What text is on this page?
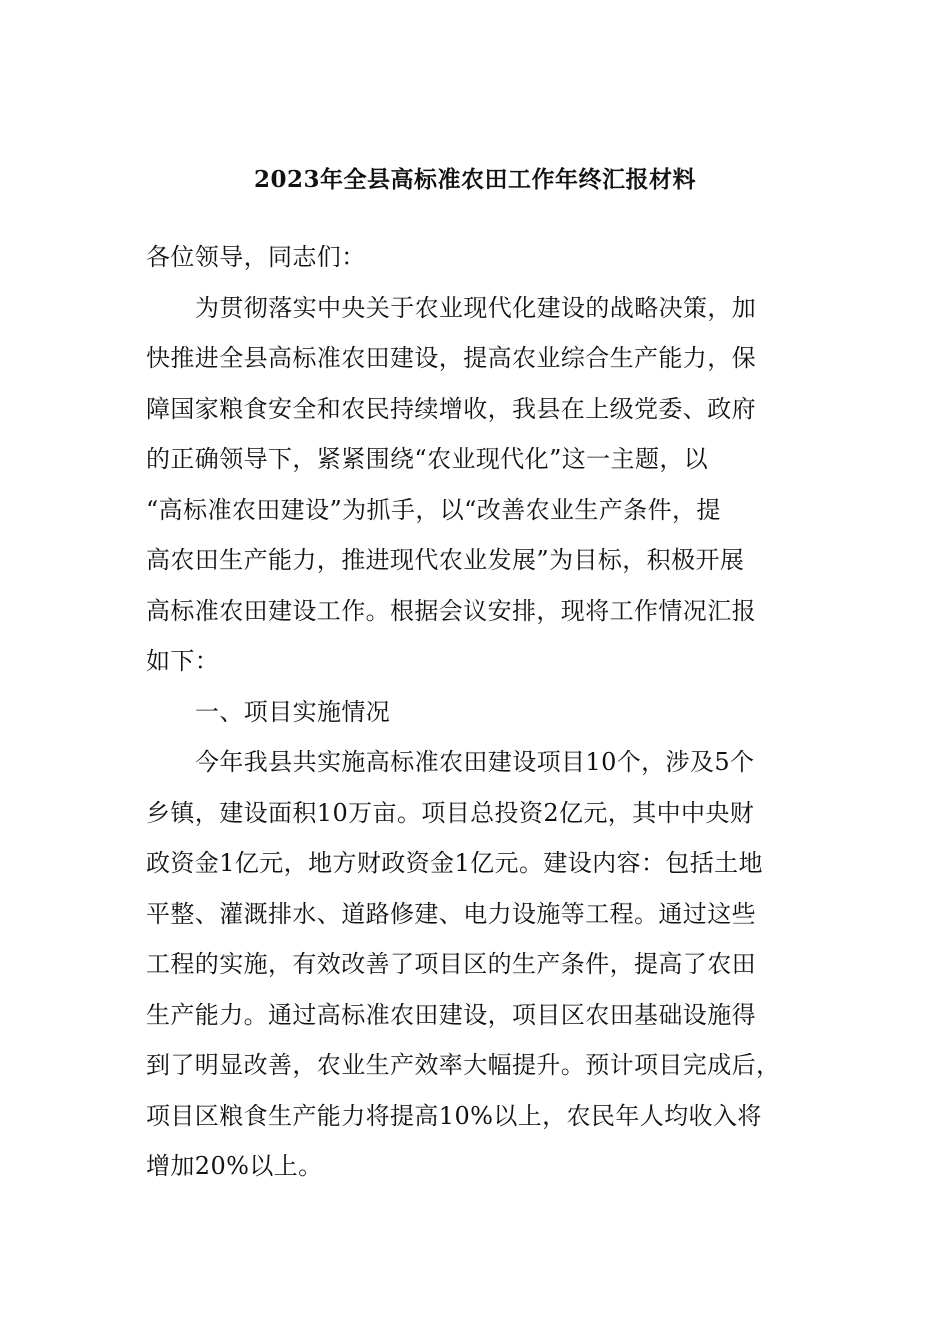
2023年全县高标准农田工作年终汇报材料
各位领导，同志们：
为贯彻落实中央关于农业现代化建设的战略决策，加
快推进全县高标准农田建设，提高农业综合生产能力，保
障国家粮食安全和农民持续增收，我县在上级党委、政府
的正确领导下，紧紧围绕“农业现代化”这一主题，以
“高标准农田建设”为抓手，以“改善农业生产条件，提
高农田生产能力，推进现代农业发展”为目标，积极开展
高标准农田建设工作。根据会议安排，现将工作情况汇报
如下：
一、项目实施情况
今年我县共实施高标准农田建设项目10个，涉及5个
乡镇，建设面积10万亩。项目总投资2亿元，其中中央财
政资金1亿元，地方财政资金1亿元。建设内容：包括土地
平整、灌溉排水、道路修建、电力设施等工程。通过这些
工程的实施，有效改善了项目区的生产条件，提高了农田
生产能力。通过高标准农田建设，项目区农田基础设施得
到了明显改善，农业生产效率大幅提升。预计项目完成后，
项目区粮食生产能力将提高10%以上，农民年人均收入将
增加20%以上。
